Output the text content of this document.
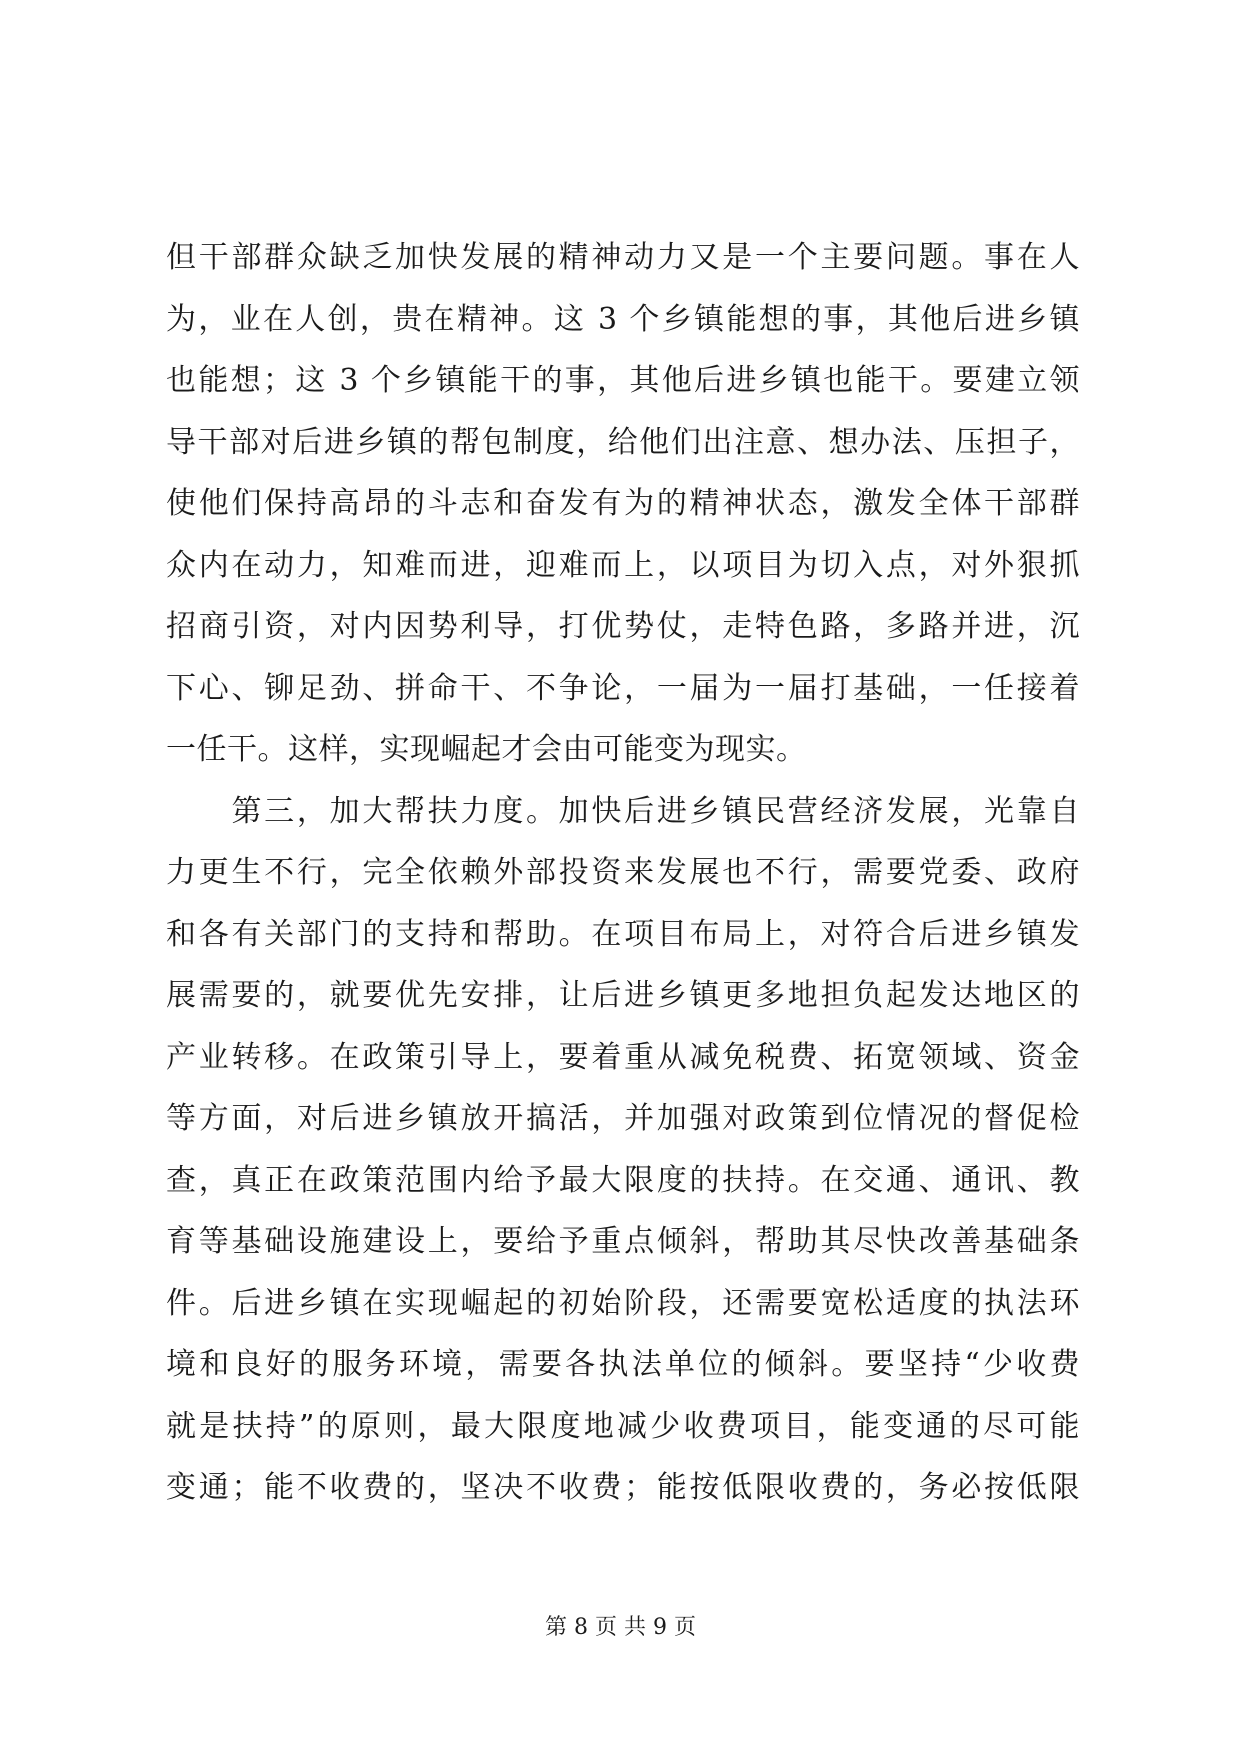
但干部群众缺乏加快发展的精神动力又是一个主要问题。事在人
为，业在人创，贵在精神。这 3 个乡镇能想的事，其他后进乡镇
也能想；这 3 个乡镇能干的事，其他后进乡镇也能干。要建立领
导干部对后进乡镇的帮包制度，给他们出注意、想办法、压担子，
使他们保持高昂的斗志和奋发有为的精神状态，激发全体干部群
众内在动力，知难而进，迎难而上，以项目为切入点，对外狠抓
招商引资，对内因势利导，打优势仗，走特色路，多路并进，沉
下心、铆足劲、拼命干、不争论，一届为一届打基础，一任接着
一任干。这样，实现崛起才会由可能变为现实。
　　第三，加大帮扶力度。加快后进乡镇民营经济发展，光靠自
力更生不行，完全依赖外部投资来发展也不行，需要党委、政府
和各有关部门的支持和帮助。在项目布局上，对符合后进乡镇发
展需要的，就要优先安排，让后进乡镇更多地担负起发达地区的
产业转移。在政策引导上，要着重从减免税费、拓宽领域、资金
等方面，对后进乡镇放开搞活，并加强对政策到位情况的督促检
查，真正在政策范围内给予最大限度的扶持。在交通、通讯、教
育等基础设施建设上，要给予重点倾斜，帮助其尽快改善基础条
件。后进乡镇在实现崛起的初始阶段，还需要宽松适度的执法环
境和良好的服务环境，需要各执法单位的倾斜。要坚持“少收费
就是扶持”的原则，最大限度地减少收费项目，能变通的尽可能
变通；能不收费的，坚决不收费；能按低限收费的，务必按低限
第 8 页 共 9 页
